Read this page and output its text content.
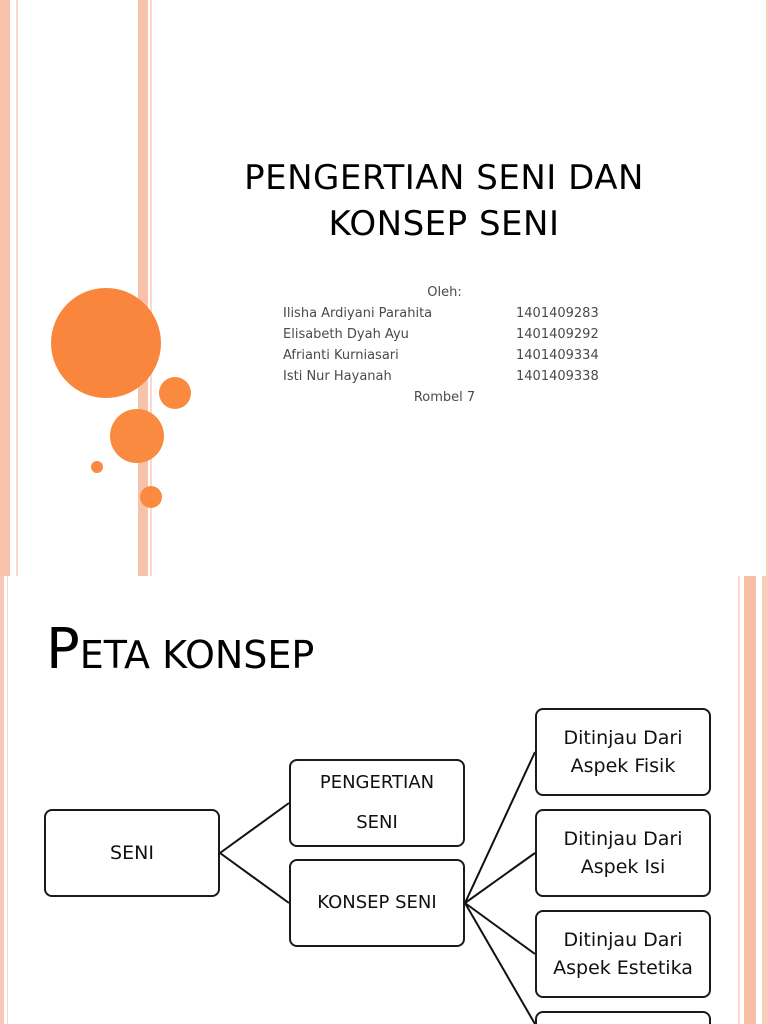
PENGERTIAN SENI DAN
KONSEP SENI
Oleh:
Ilisha Ardiyani Parahita	1401409283
Elisabeth Dyah Ayu	1401409292
Afrianti Kurniasari	1401409334
Isti Nur Hayanah	1401409338
Rombel 7
PETA KONSEP
SENI
PENGERTIAN
SENI
KONSEP SENI
Ditinjau Dari
Aspek Fisik
Ditinjau Dari
Aspek Isi
Ditinjau Dari
Aspek Estetika
